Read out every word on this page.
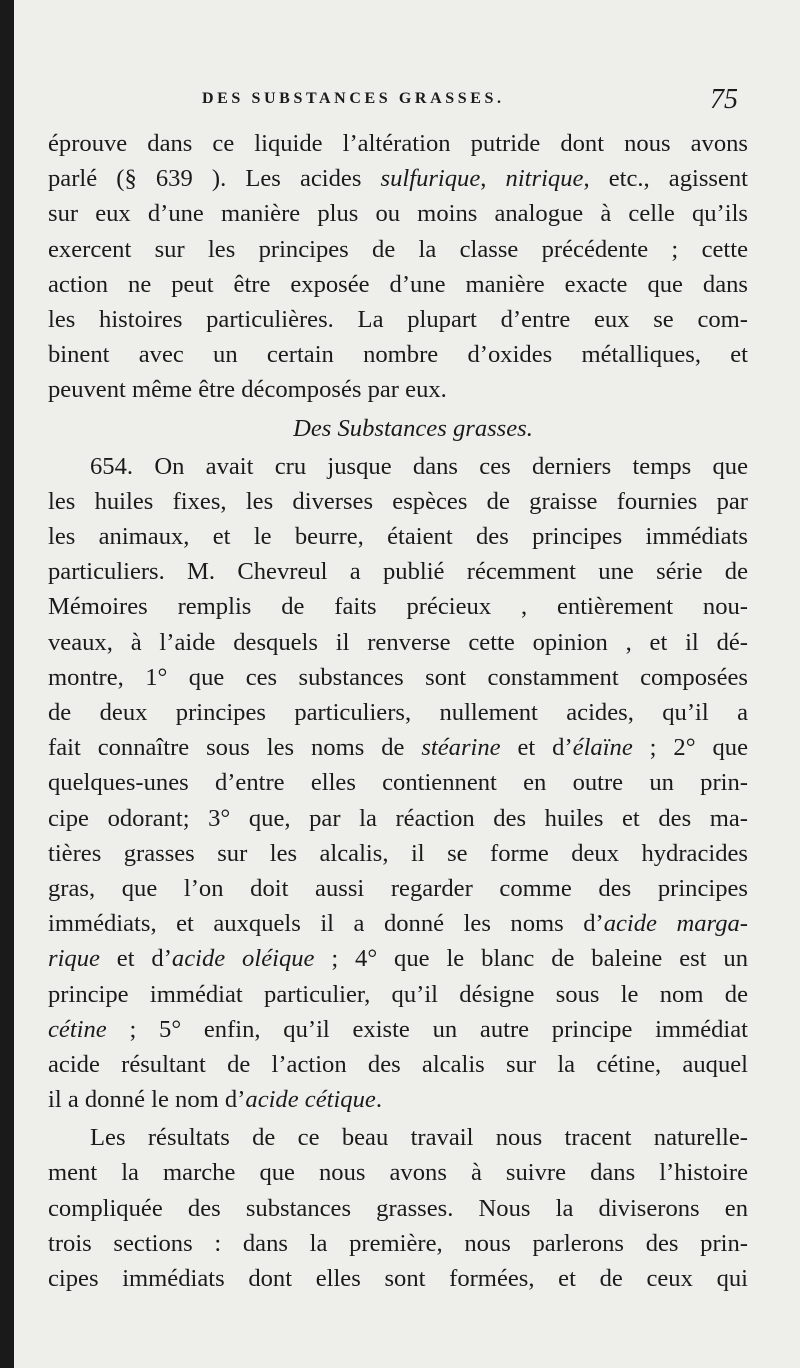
DES SUBSTANCES GRASSES.	75
éprouve dans ce liquide l’altération putride dont nous avons
parlé (§ 639 ). Les acides sulfurique, nitrique, etc., agissent
sur eux d’une manière plus ou moins analogue à celle qu’ils
exercent sur les principes de la classe précédente ; cette
action ne peut être exposée d’une manière exacte que dans
les histoires particulières. La plupart d’entre eux se com-
binent avec un certain nombre d’oxides métalliques, et
peuvent même être décomposés par eux.
Des Substances grasses.
654. On avait cru jusque dans ces derniers temps que
les huiles fixes, les diverses espèces de graisse fournies par
les animaux, et le beurre, étaient des principes immédiats
particuliers. M. Chevreul a publié récemment une série de
Mémoires remplis de faits précieux , entièrement nou-
veaux, à l’aide desquels il renverse cette opinion , et il dé-
montre, 1° que ces substances sont constamment composées
de deux principes particuliers, nullement acides, qu’il a
fait connaître sous les noms de stéarine et d’élaïne ; 2° que
quelques-unes d’entre elles contiennent en outre un prin-
cipe odorant; 3° que, par la réaction des huiles et des ma-
tières grasses sur les alcalis, il se forme deux hydracides
gras, que l’on doit aussi regarder comme des principes
immédiats, et auxquels il a donné les noms d’acide marga-
rique et d’acide oléique ; 4° que le blanc de baleine est un
principe immédiat particulier, qu’il désigne sous le nom de
cétine ; 5° enfin, qu’il existe un autre principe immédiat
acide résultant de l’action des alcalis sur la cétine, auquel
il a donné le nom d’acide cétique.
Les résultats de ce beau travail nous tracent naturelle-
ment la marche que nous avons à suivre dans l’histoire
compliquée des substances grasses. Nous la diviserons en
trois sections : dans la première, nous parlerons des prin-
cipes immédiats dont elles sont formées, et de ceux qui
